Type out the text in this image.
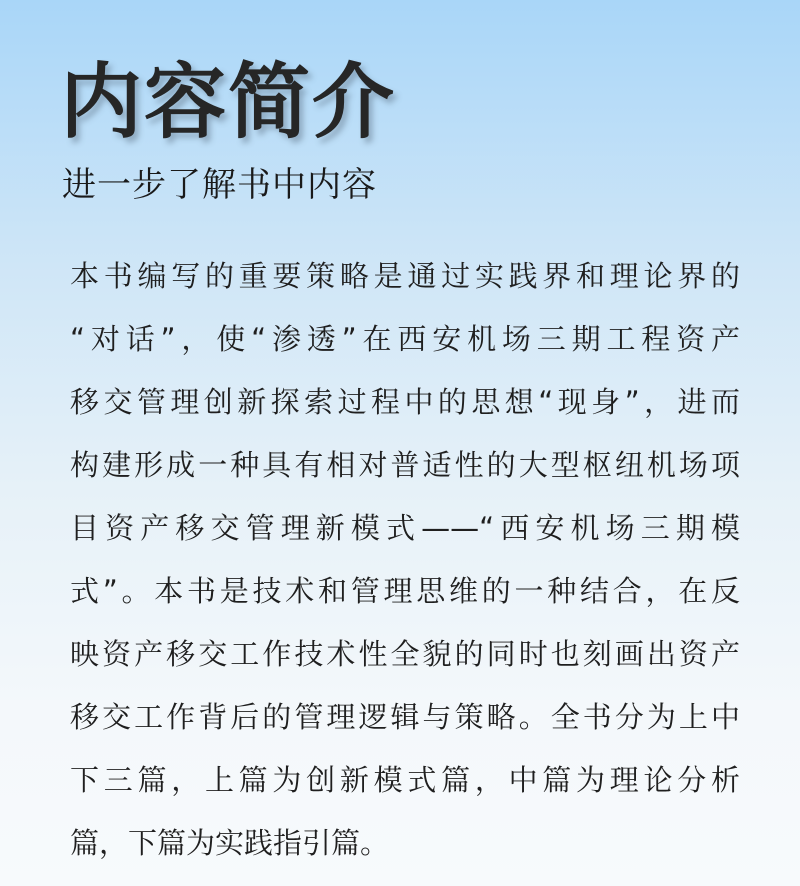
内容简介
进一步了解书中内容
本书编写的重要策略是通过实践界和理论界的
“对话”，使“渗透”在西安机场三期工程资产
移交管理创新探索过程中的思想“现身”，进而
构建形成一种具有相对普适性的大型枢纽机场项
目资产移交管理新模式——“西安机场三期模
式”。本书是技术和管理思维的一种结合，在反
映资产移交工作技术性全貌的同时也刻画出资产
移交工作背后的管理逻辑与策略。全书分为上中
下三篇，上篇为创新模式篇，中篇为理论分析
篇，下篇为实践指引篇。
